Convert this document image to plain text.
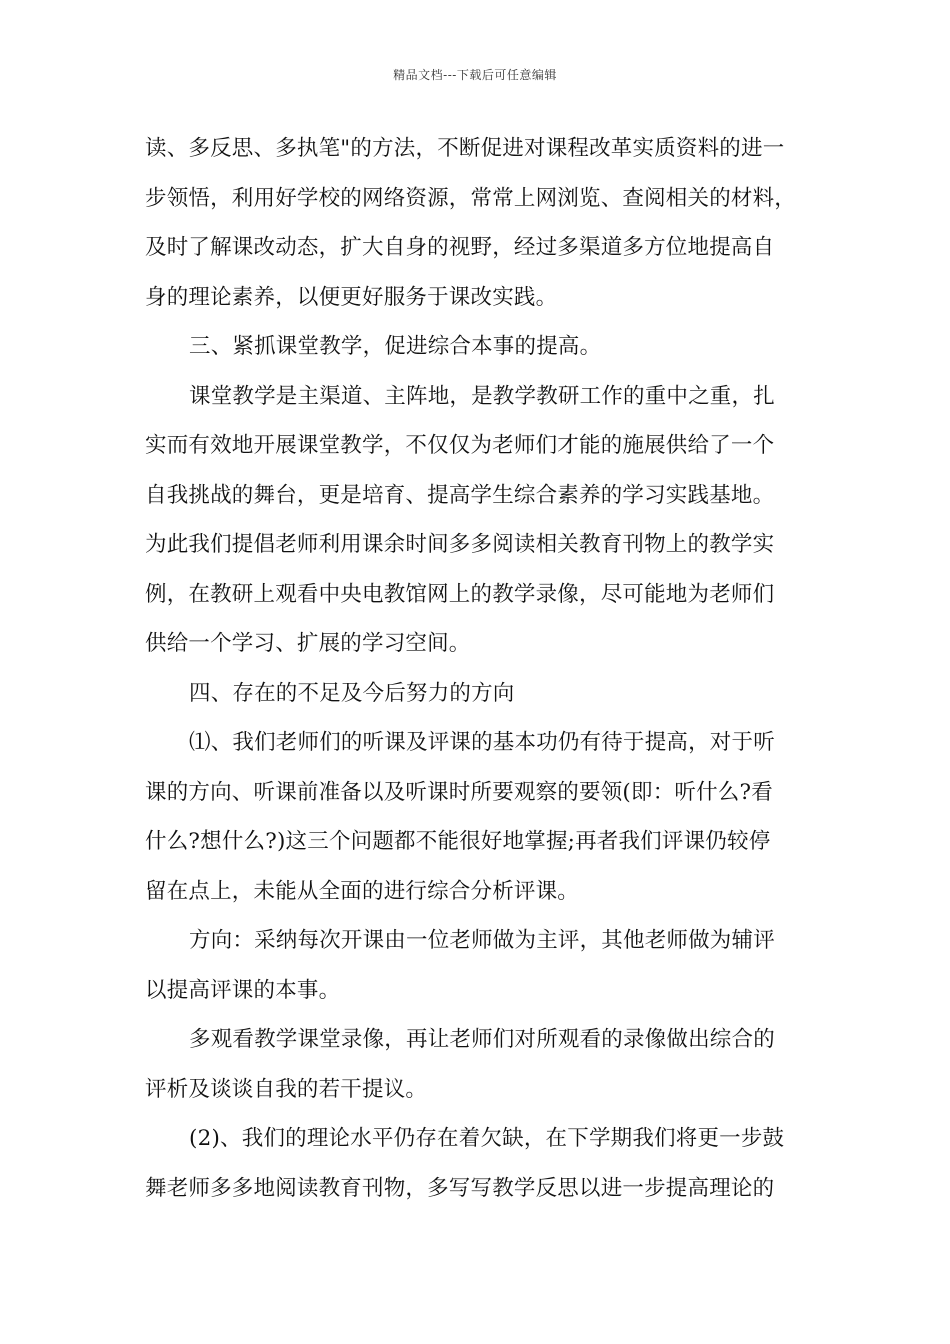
精品文档---下载后可任意编辑
读、多反思、多执笔"的方法，不断促进对课程改革实质资料的进一
步领悟，利用好学校的网络资源，常常上网浏览、查阅相关的材料，
及时了解课改动态，扩大自身的视野，经过多渠道多方位地提高自
身的理论素养，以便更好服务于课改实践。
三、紧抓课堂教学，促进综合本事的提高。
课堂教学是主渠道、主阵地，是教学教研工作的重中之重，扎
实而有效地开展课堂教学，不仅仅为老师们才能的施展供给了一个
自我挑战的舞台，更是培育、提高学生综合素养的学习实践基地。
为此我们提倡老师利用课余时间多多阅读相关教育刊物上的教学实
例，在教研上观看中央电教馆网上的教学录像，尽可能地为老师们
供给一个学习、扩展的学习空间。
四、存在的不足及今后努力的方向
⑴、我们老师们的听课及评课的基本功仍有待于提高，对于听
课的方向、听课前准备以及听课时所要观察的要领(即：听什么?看
什么?想什么?)这三个问题都不能很好地掌握;再者我们评课仍较停
留在点上，未能从全面的进行综合分析评课。
方向：采纳每次开课由一位老师做为主评，其他老师做为辅评
以提高评课的本事。
多观看教学课堂录像，再让老师们对所观看的录像做出综合的
评析及谈谈自我的若干提议。
(2)、我们的理论水平仍存在着欠缺，在下学期我们将更一步鼓
舞老师多多地阅读教育刊物，多写写教学反思以进一步提高理论的
